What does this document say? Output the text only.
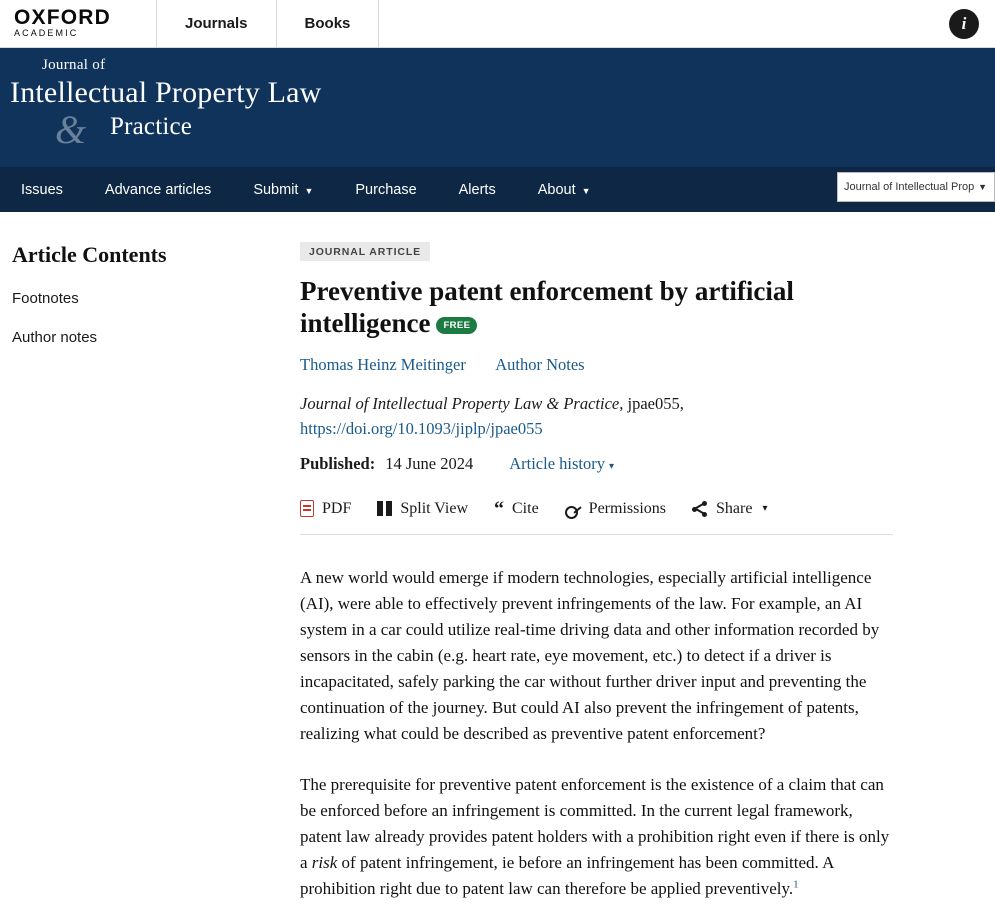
OXFORD
ACADEMIC
Journals	Books	i
Journal of
Intellectual Property Law
Practice
&
Issues	Advance articles	Submit ▼	Purchase	Alerts	About ▼	Journal of Intellectual Prop ▼
Article Contents
Footnotes
Author notes
JOURNAL ARTICLE
Preventive patent enforcement by artificial intelligence FREE
Thomas Heinz Meitinger Author Notes
Journal of Intellectual Property Law & Practice, jpae055,
https://doi.org/10.1093/jiplp/jpae055
Published: 14 June 2024 Article history ▾
PDF	Split View “ Cite	Permissions	Share ▾

A new world would emerge if modern technologies, especially artificial intelligence (AI), were able to effectively prevent infringements of the law. For example, an AI system in a car could utilize real-time driving data and other information recorded by sensors in the cabin (e.g. heart rate, eye movement, etc.) to detect if a driver is incapacitated, safely parking the car without further driver input and preventing the continuation of the journey. But could AI also prevent the infringement of patents, realizing what could be described as preventive patent enforcement?

The prerequisite for preventive patent enforcement is the existence of a claim that can be enforced before an infringement is committed. In the current legal framework, patent law already provides patent holders with a prohibition right even if there is only a risk of patent infringement, ie before an infringement has been committed. A prohibition right due to patent law can therefore be applied preventively.$^1$
